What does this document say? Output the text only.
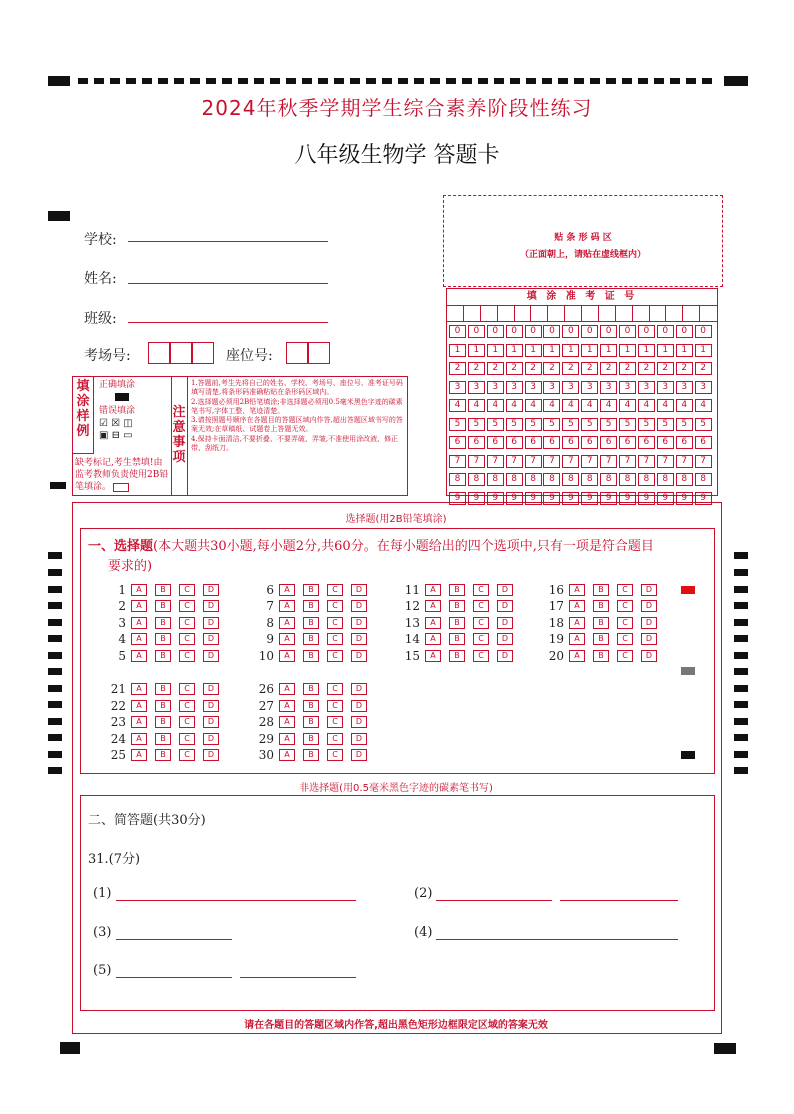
2024年秋季学期学生综合素养阶段性练习
八年级生物学 答题卡
学校:
姓名:
班级:
考场号:	座位号:
贴 条 形 码 区
（正面朝上，请贴在虚线框内）
填 涂 准 考 证 号
0	0	0	0	0	0	0	0	0	0	0	0	0	0
1	1	1	1	1	1	1	1	1	1	1	1	1	1
2	2	2	2	2	2	2	2	2	2	2	2	2	2
3	3	3	3	3	3	3	3	3	3	3	3	3	3
4	4	4	4	4	4	4	4	4	4	4	4	4	4
5	5	5	5	5	5	5	5	5	5	5	5	5	5
6	6	6	6	6	6	6	6	6	6	6	6	6	6
7	7	7	7	7	7	7	7	7	7	7	7	7	7
8	8	8	8	8	8	8	8	8	8	8	8	8	8
9	9	9	9	9	9	9	9	9	9	9	9	9	9
填涂样例
正确填涂
错误填涂
☑ ☒ ◫
▣ ⊟ ▭
缺考标记,考生禁填!由监考教师负责使用2B铅笔填涂。
注意事项
1.答题前,考生先将自己的姓名、学校、考场号、座位号、准考证号码填写清楚,将条形码准确粘贴在条形码区域内。
2.选择题必须用2B铅笔填涂;非选择题必须用0.5毫米黑色字迹的碳素笔书写,字体工整、笔迹清楚。
3.请按照题号顺序在各题目的答题区域内作答,超出答题区域书写的答案无效;在草稿纸、试题卷上答题无效。
4.保持卡面清洁,不要折叠、不要弄破、弄皱,不准使用涂改液、修正带、刮纸刀。
选择题(用2B铅笔填涂)
一、选择题(本大题共30小题,每小题2分,共60分。在每小题给出的四个选项中,只有一项是符合题目
要求的)
1	A	B	C	D
2	A	B	C	D
3	A	B	C	D
4	A	B	C	D
5	A	B	C	D
6	A	B	C	D
7	A	B	C	D
8	A	B	C	D
9	A	B	C	D
10	A	B	C	D
11	A	B	C	D
12	A	B	C	D
13	A	B	C	D
14	A	B	C	D
15	A	B	C	D
16	A	B	C	D
17	A	B	C	D
18	A	B	C	D
19	A	B	C	D
20	A	B	C	D
21	A	B	C	D
22	A	B	C	D
23	A	B	C	D
24	A	B	C	D
25	A	B	C	D
26	A	B	C	D
27	A	B	C	D
28	A	B	C	D
29	A	B	C	D
30	A	B	C	D
非选择题(用0.5毫米黑色字迹的碳素笔书写)
二、简答题(共30分)
31.(7分)
(1)	(2)
(3)	(4)
(5)
请在各题目的答题区域内作答,超出黑色矩形边框限定区域的答案无效
